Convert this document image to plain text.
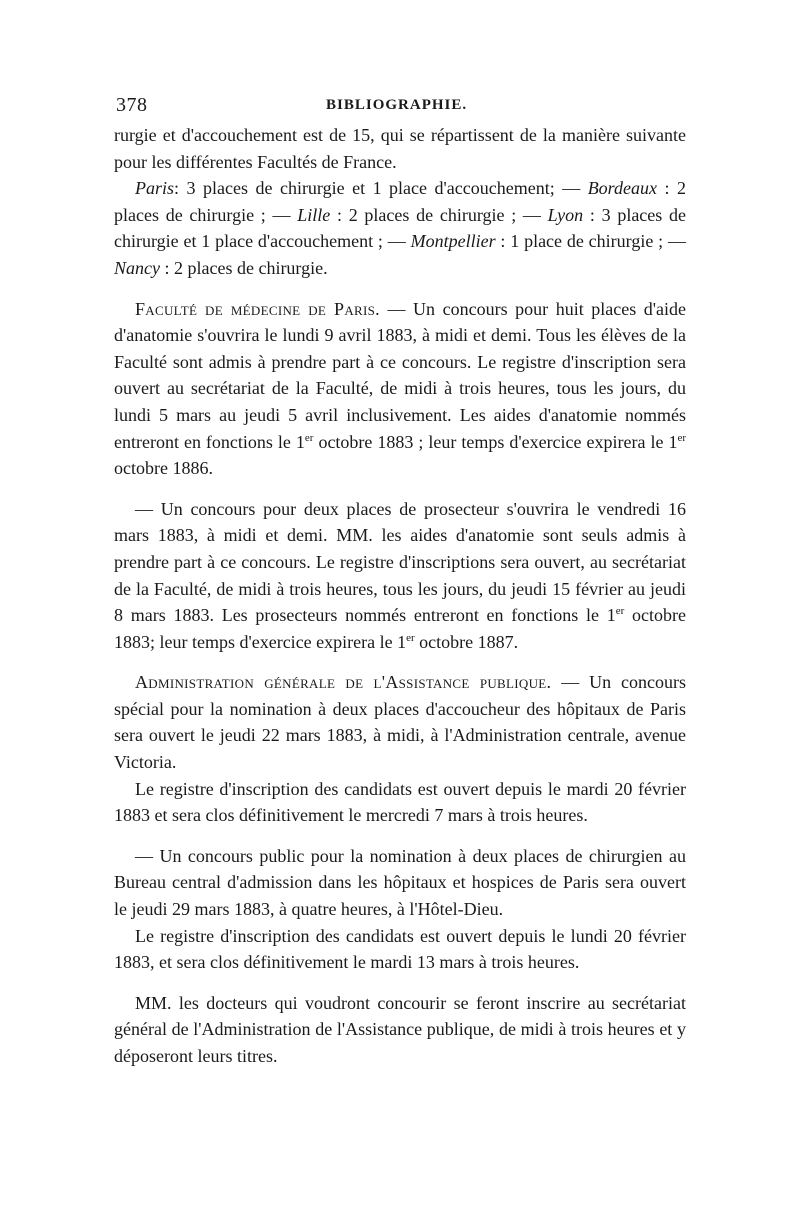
378	BIBLIOGRAPHIE.

rurgie et d'accouchement est de 15, qui se répartissent de la manière suivante pour les différentes Facultés de France.

Paris: 3 places de chirurgie et 1 place d'accouchement; — Bordeaux : 2 places de chirurgie ; — Lille : 2 places de chirurgie ; — Lyon : 3 places de chirurgie et 1 place d'accouchement ; — Montpellier : 1 place de chirurgie ; — Nancy : 2 places de chirurgie.

Faculté de médecine de Paris. — Un concours pour huit places d'aide d'anatomie s'ouvrira le lundi 9 avril 1883, à midi et demi. Tous les élèves de la Faculté sont admis à prendre part à ce concours. Le registre d'inscription sera ouvert au secrétariat de la Faculté, de midi à trois heures, tous les jours, du lundi 5 mars au jeudi 5 avril inclusivement. Les aides d'anatomie nommés entreront en fonctions le 1er octobre 1883 ; leur temps d'exercice expirera le 1er octobre 1886.

— Un concours pour deux places de prosecteur s'ouvrira le vendredi 16 mars 1883, à midi et demi. MM. les aides d'anatomie sont seuls admis à prendre part à ce concours. Le registre d'inscriptions sera ouvert, au secrétariat de la Faculté, de midi à trois heures, tous les jours, du jeudi 15 février au jeudi 8 mars 1883. Les prosecteurs nommés entreront en fonctions le 1er octobre 1883; leur temps d'exercice expirera le 1er octobre 1887.

Administration générale de l'Assistance publique. — Un concours spécial pour la nomination à deux places d'accoucheur des hôpitaux de Paris sera ouvert le jeudi 22 mars 1883, à midi, à l'Administration centrale, avenue Victoria.

Le registre d'inscription des candidats est ouvert depuis le mardi 20 février 1883 et sera clos définitivement le mercredi 7 mars à trois heures.

— Un concours public pour la nomination à deux places de chirurgien au Bureau central d'admission dans les hôpitaux et hospices de Paris sera ouvert le jeudi 29 mars 1883, à quatre heures, à l'Hôtel-Dieu.

Le registre d'inscription des candidats est ouvert depuis le lundi 20 février 1883, et sera clos définitivement le mardi 13 mars à trois heures.

MM. les docteurs qui voudront concourir se feront inscrire au secrétariat général de l'Administration de l'Assistance publique, de midi à trois heures et y déposeront leurs titres.
